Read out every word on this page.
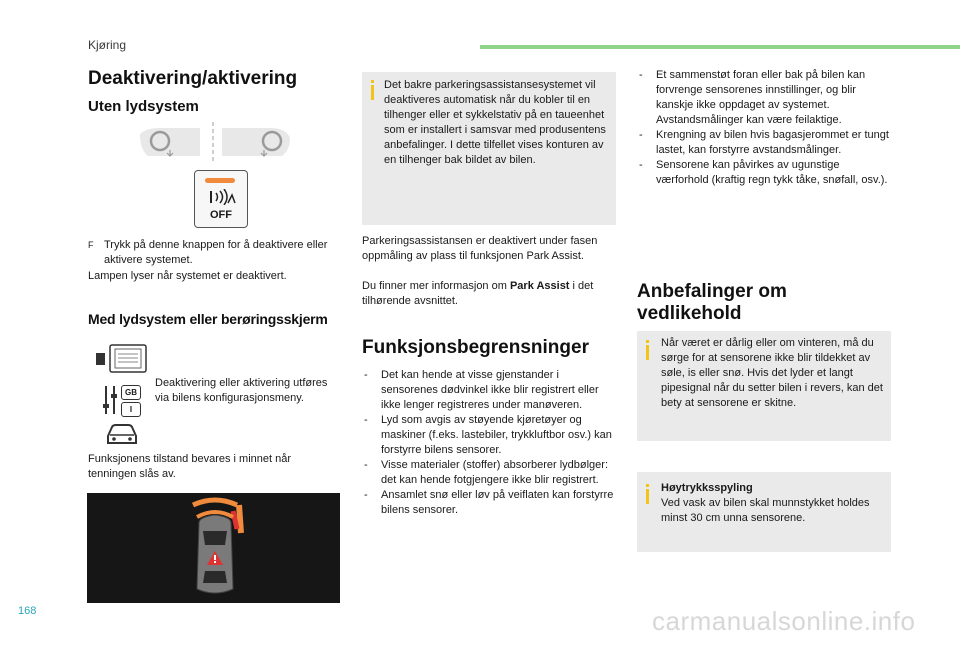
Kjøring
Deaktivering/aktivering
Uten lydsystem
OFF
F Trykk på denne knappen for å deaktivere eller aktivere systemet.
Lampen lyser når systemet er deaktivert.
Med lydsystem eller berøringsskjerm
GB
I
Deaktivering eller aktivering utføres via bilens konfigurasjonsmeny.
Funksjonens tilstand bevares i minnet når tenningen slås av.
Det bakre parkeringsassistansesystemet vil deaktiveres automatisk når du kobler til en tilhenger eller et sykkelstativ på en taueenhet som er installert i samsvar med produsentens anbefalinger. I dette tilfellet vises konturen av en tilhenger bak bildet av bilen.
Parkeringsassistansen er deaktivert under fasen oppmåling av plass til funksjonen Park Assist.
Du finner mer informasjon om Park Assist i det tilhørende avsnittet.
Funksjonsbegrensninger
- Det kan hende at visse gjenstander i sensorenes dødvinkel ikke blir registrert eller ikke lenger registreres under manøveren.
- Lyd som avgis av støyende kjøretøyer og maskiner (f.eks. lastebiler, trykkluftbor osv.) kan forstyrre bilens sensorer.
- Visse materialer (stoffer) absorberer lydbølger: det kan hende fotgjengere ikke blir registrert.
- Ansamlet snø eller løv på veiflaten kan forstyrre bilens sensorer.
- Et sammenstøt foran eller bak på bilen kan forvrenge sensorenes innstillinger, og blir kanskje ikke oppdaget av systemet. Avstandsmålinger kan være feilaktige.
- Krengning av bilen hvis bagasjerommet er tungt lastet, kan forstyrre avstandsmålinger.
- Sensorene kan påvirkes av ugunstige værforhold (kraftig regn tykk tåke, snøfall, osv.).
Anbefalinger om vedlikehold
Når været er dårlig eller om vinteren, må du sørge for at sensorene ikke blir tildekket av søle, is eller snø. Hvis det lyder et langt pipesignal når du setter bilen i revers, kan det bety at sensorene er skitne.
Høytrykksspyling
Ved vask av bilen skal munnstykket holdes minst 30 cm unna sensorene.
168	carmanualsonline.info
